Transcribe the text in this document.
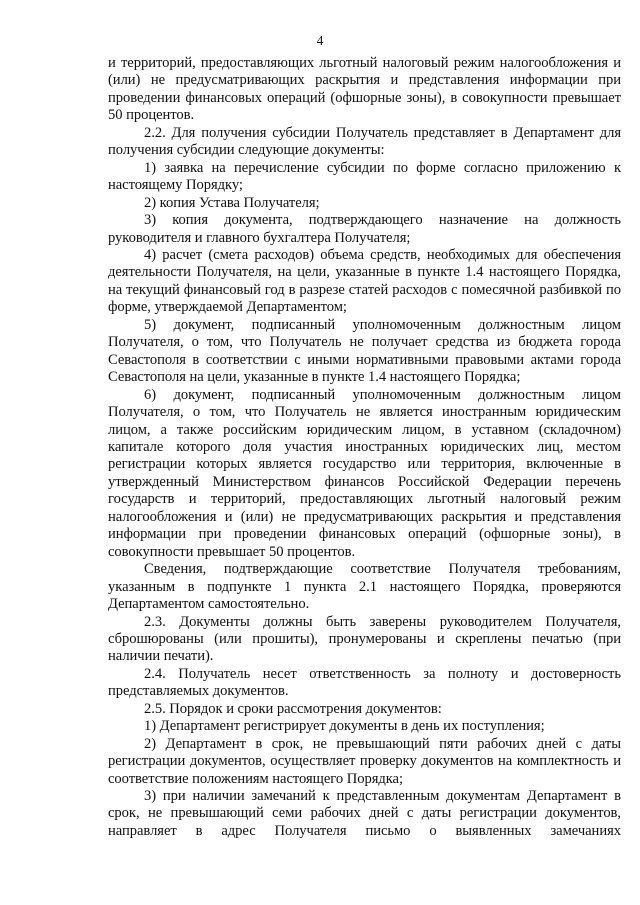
4

и территорий, предоставляющих льготный налоговый режим налогообложения и (или) не предусматривающих раскрытия и представления информации при проведении финансовых операций (офшорные зоны), в совокупности превышает 50 процентов.

2.2. Для получения субсидии Получатель представляет в Департамент для получения субсидии следующие документы:

1) заявка на перечисление субсидии по форме согласно приложению к настоящему Порядку;

2) копия Устава Получателя;

3) копия документа, подтверждающего назначение на должность руководителя и главного бухгалтера Получателя;

4) расчет (смета расходов) объема средств, необходимых для обеспечения деятельности Получателя, на цели, указанные в пункте 1.4 настоящего Порядка, на текущий финансовый год в разрезе статей расходов с помесячной разбивкой по форме, утверждаемой Департаментом;

5) документ, подписанный уполномоченным должностным лицом Получателя, о том, что Получатель не получает средства из бюджета города Севастополя в соответствии с иными нормативными правовыми актами города Севастополя на цели, указанные в пункте 1.4 настоящего Порядка;

6) документ, подписанный уполномоченным должностным лицом Получателя, о том, что Получатель не является иностранным юридическим лицом, а также российским юридическим лицом, в уставном (складочном) капитале которого доля участия иностранных юридических лиц, местом регистрации которых является государство или территория, включенные в утвержденный Министерством финансов Российской Федерации перечень государств и территорий, предоставляющих льготный налоговый режим налогообложения и (или) не предусматривающих раскрытия и представления информации при проведении финансовых операций (офшорные зоны), в совокупности превышает 50 процентов.

Сведения, подтверждающие соответствие Получателя требованиям, указанным в подпункте 1 пункта 2.1 настоящего Порядка, проверяются Департаментом самостоятельно.

2.3. Документы должны быть заверены руководителем Получателя, сброшюрованы (или прошиты), пронумерованы и скреплены печатью (при наличии печати).

2.4. Получатель несет ответственность за полноту и достоверность представляемых документов.

2.5. Порядок и сроки рассмотрения документов:

1) Департамент регистрирует документы в день их поступления;

2) Департамент в срок, не превышающий пяти рабочих дней с даты регистрации документов, осуществляет проверку документов на комплектность и соответствие положениям настоящего Порядка;

3) при наличии замечаний к представленным документам Департамент в срок, не превышающий семи рабочих дней с даты регистрации документов, направляет в адрес Получателя письмо о выявленных замечаниях
